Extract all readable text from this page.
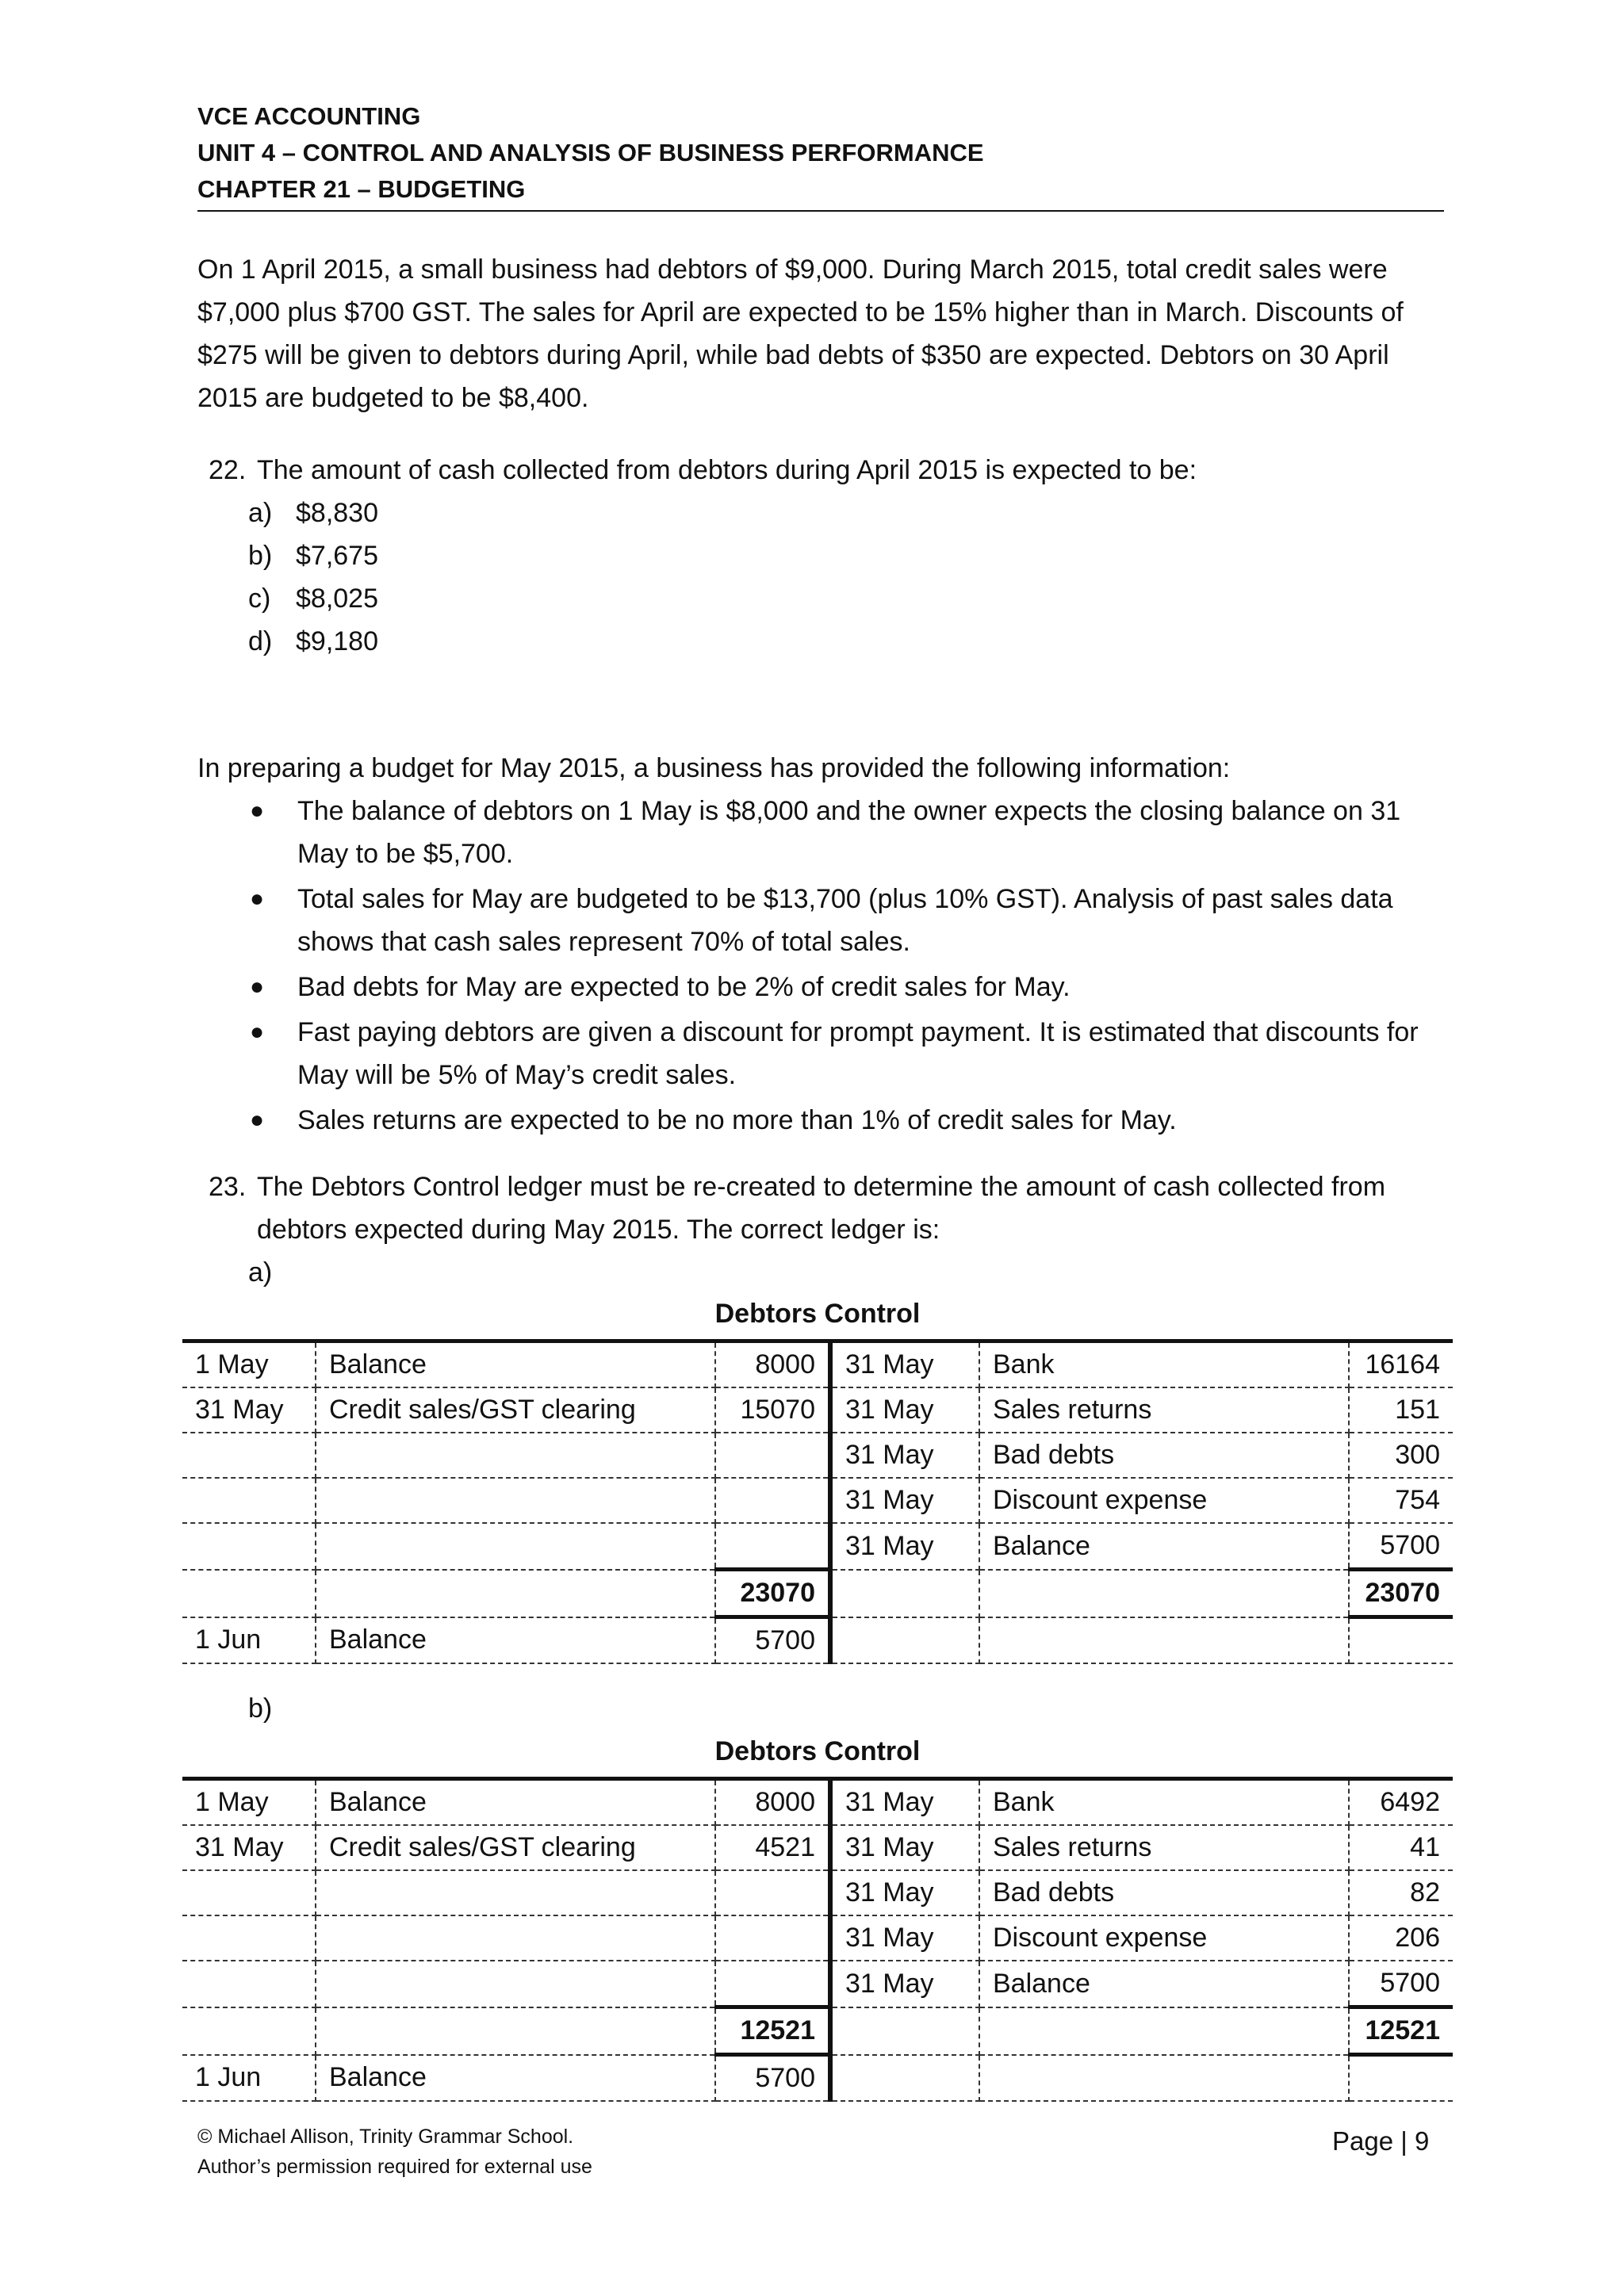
VCE ACCOUNTING
UNIT 4 – CONTROL AND ANALYSIS OF BUSINESS PERFORMANCE
CHAPTER 21 – BUDGETING
On 1 April 2015, a small business had debtors of $9,000. During March 2015, total credit sales were $7,000 plus $700 GST. The sales for April are expected to be 15% higher than in March. Discounts of $275 will be given to debtors during April, while bad debts of $350 are expected. Debtors on 30 April 2015 are budgeted to be $8,400.
22. The amount of cash collected from debtors during April 2015 is expected to be:
a) $8,830
b) $7,675
c) $8,025
d) $9,180
In preparing a budget for May 2015, a business has provided the following information:
● The balance of debtors on 1 May is $8,000 and the owner expects the closing balance on 31 May to be $5,700.
● Total sales for May are budgeted to be $13,700 (plus 10% GST). Analysis of past sales data shows that cash sales represent 70% of total sales.
● Bad debts for May are expected to be 2% of credit sales for May.
● Fast paying debtors are given a discount for prompt payment. It is estimated that discounts for May will be 5% of May’s credit sales.
● Sales returns are expected to be no more than 1% of credit sales for May.
23. The Debtors Control ledger must be re-created to determine the amount of cash collected from
debtors expected during May 2015. The correct ledger is:
a)
Debtors Control
1 May	Balance	8000	31 May	Bank	16164
31 May	Credit sales/GST clearing	15070	31 May	Sales returns	151
			31 May	Bad debts	300
			31 May	Discount expense	754
			31 May	Balance	5700
		23070			23070
1 Jun	Balance	5700			
b)
Debtors Control
1 May	Balance	8000	31 May	Bank	6492
31 May	Credit sales/GST clearing	4521	31 May	Sales returns	41
			31 May	Bad debts	82
			31 May	Discount expense	206
			31 May	Balance	5700
		12521			12521
1 Jun	Balance	5700			
© Michael Allison, Trinity Grammar School.
Author’s permission required for external use
Page | 9
